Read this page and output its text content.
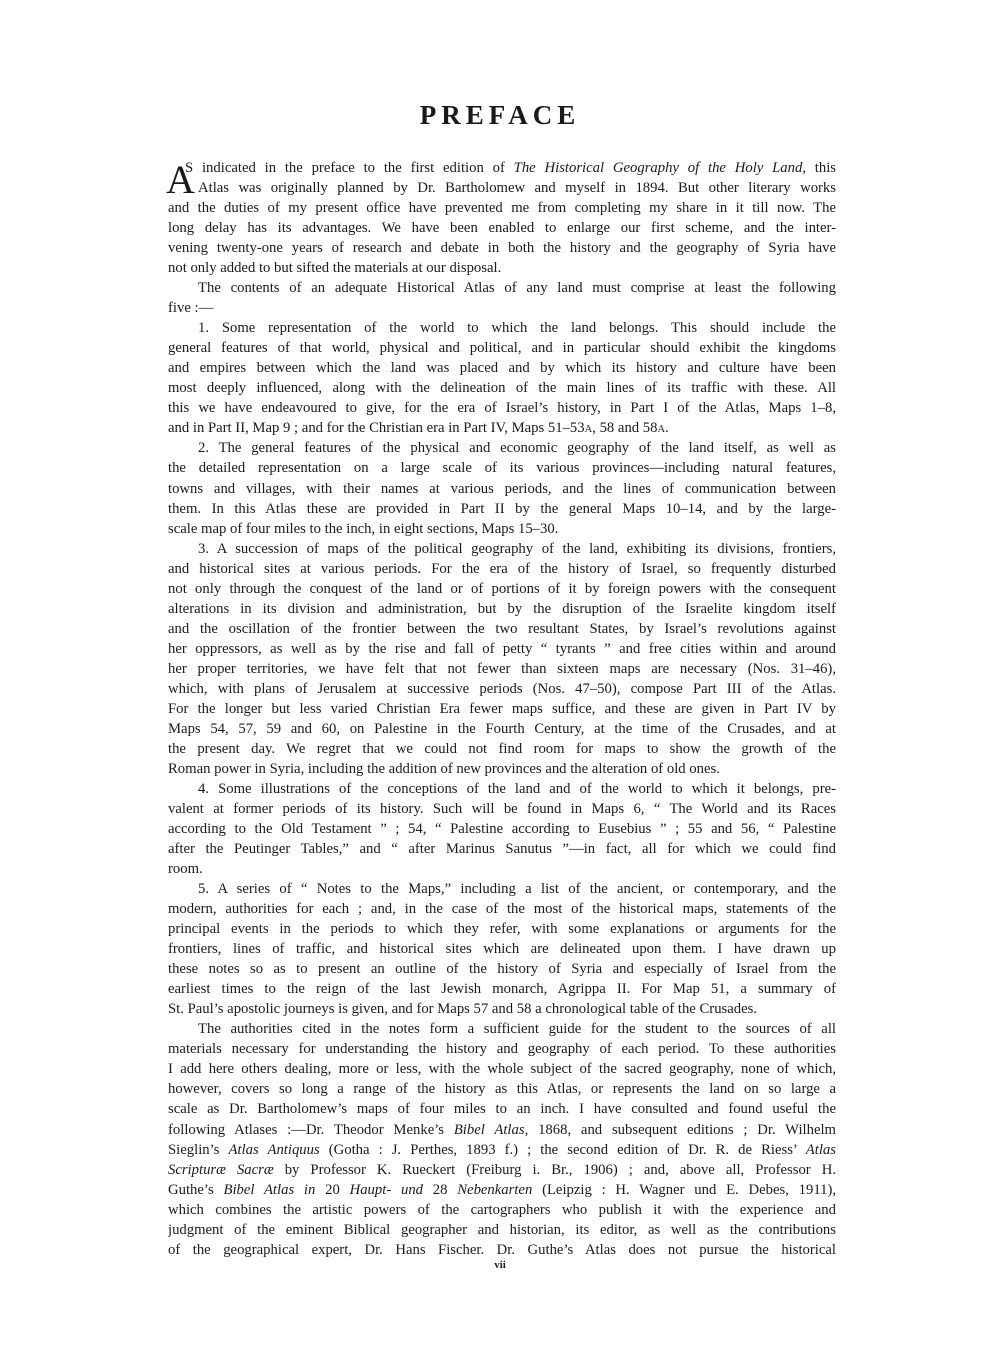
PREFACE
A
S indicated in the preface to the first edition of The Historical Geography of the Holy Land, this
Atlas was originally planned by Dr. Bartholomew and myself in 1894. But other literary works
and the duties of my present office have prevented me from completing my share in it till now. The
long delay has its advantages. We have been enabled to enlarge our first scheme, and the inter-
vening twenty-one years of research and debate in both the history and the geography of Syria have
not only added to but sifted the materials at our disposal.
The contents of an adequate Historical Atlas of any land must comprise at least the following
five :—
1. Some representation of the world to which the land belongs. This should include the
general features of that world, physical and political, and in particular should exhibit the kingdoms
and empires between which the land was placed and by which its history and culture have been
most deeply influenced, along with the delineation of the main lines of its traffic with these. All
this we have endeavoured to give, for the era of Israel’s history, in Part I of the Atlas, Maps 1–8,
and in Part II, Map 9 ; and for the Christian era in Part IV, Maps 51–53A, 58 and 58A.
2. The general features of the physical and economic geography of the land itself, as well as
the detailed representation on a large scale of its various provinces—including natural features,
towns and villages, with their names at various periods, and the lines of communication between
them. In this Atlas these are provided in Part II by the general Maps 10–14, and by the large-
scale map of four miles to the inch, in eight sections, Maps 15–30.
3. A succession of maps of the political geography of the land, exhibiting its divisions, frontiers,
and historical sites at various periods. For the era of the history of Israel, so frequently disturbed
not only through the conquest of the land or of portions of it by foreign powers with the consequent
alterations in its division and administration, but by the disruption of the Israelite kingdom itself
and the oscillation of the frontier between the two resultant States, by Israel’s revolutions against
her oppressors, as well as by the rise and fall of petty “ tyrants ” and free cities within and around
her proper territories, we have felt that not fewer than sixteen maps are necessary (Nos. 31–46),
which, with plans of Jerusalem at successive periods (Nos. 47–50), compose Part III of the Atlas.
For the longer but less varied Christian Era fewer maps suffice, and these are given in Part IV by
Maps 54, 57, 59 and 60, on Palestine in the Fourth Century, at the time of the Crusades, and at
the present day. We regret that we could not find room for maps to show the growth of the
Roman power in Syria, including the addition of new provinces and the alteration of old ones.
4. Some illustrations of the conceptions of the land and of the world to which it belongs, pre-
valent at former periods of its history. Such will be found in Maps 6, “ The World and its Races
according to the Old Testament ” ; 54, “ Palestine according to Eusebius ” ; 55 and 56, “ Palestine
after the Peutinger Tables,” and “ after Marinus Sanutus ”—in fact, all for which we could find
room.
5. A series of “ Notes to the Maps,” including a list of the ancient, or contemporary, and the
modern, authorities for each ; and, in the case of the most of the historical maps, statements of the
principal events in the periods to which they refer, with some explanations or arguments for the
frontiers, lines of traffic, and historical sites which are delineated upon them. I have drawn up
these notes so as to present an outline of the history of Syria and especially of Israel from the
earliest times to the reign of the last Jewish monarch, Agrippa II. For Map 51, a summary of
St. Paul’s apostolic journeys is given, and for Maps 57 and 58 a chronological table of the Crusades.
The authorities cited in the notes form a sufficient guide for the student to the sources of all
materials necessary for understanding the history and geography of each period. To these authorities
I add here others dealing, more or less, with the whole subject of the sacred geography, none of which,
however, covers so long a range of the history as this Atlas, or represents the land on so large a
scale as Dr. Bartholomew’s maps of four miles to an inch. I have consulted and found useful the
following Atlases :—Dr. Theodor Menke’s Bibel Atlas, 1868, and subsequent editions ; Dr. Wilhelm
Sieglin’s Atlas Antiquus (Gotha : J. Perthes, 1893 f.) ; the second edition of Dr. R. de Riess’ Atlas
Scripturæ Sacræ by Professor K. Rueckert (Freiburg i. Br., 1906) ; and, above all, Professor H.
Guthe’s Bibel Atlas in 20 Haupt- und 28 Nebenkarten (Leipzig : H. Wagner und E. Debes, 1911),
which combines the artistic powers of the cartographers who publish it with the experience and
judgment of the eminent Biblical geographer and historian, its editor, as well as the contributions
of the geographical expert, Dr. Hans Fischer. Dr. Guthe’s Atlas does not pursue the historical
vii
